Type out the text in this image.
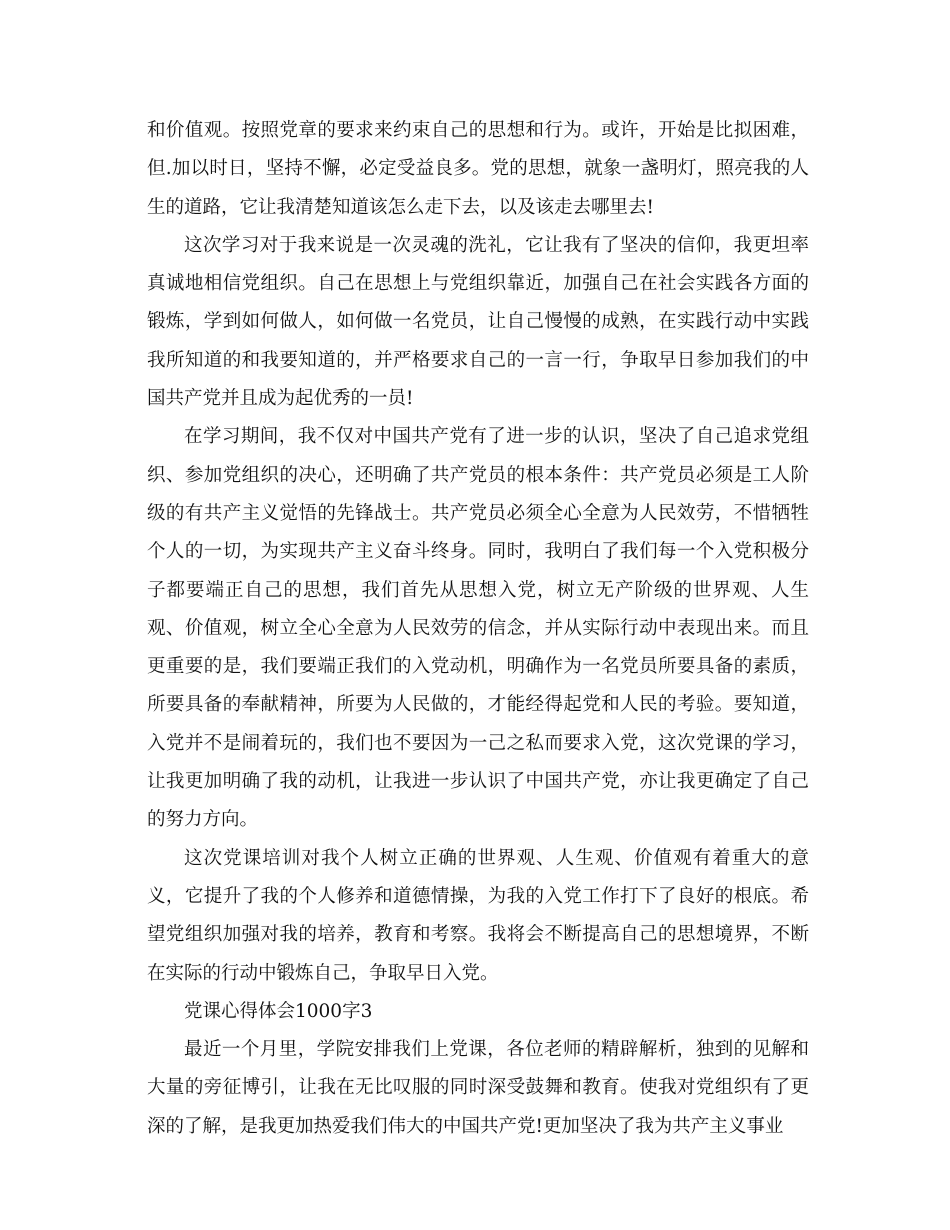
和价值观。按照党章的要求来约束自己的思想和行为。或许，开始是比拟困难，但.加以时日，坚持不懈，必定受益良多。党的思想，就象一盏明灯，照亮我的人生的道路，它让我清楚知道该怎么走下去，以及该走去哪里去!

这次学习对于我来说是一次灵魂的洗礼，它让我有了坚决的信仰，我更坦率真诚地相信党组织。自己在思想上与党组织靠近，加强自己在社会实践各方面的锻炼，学到如何做人，如何做一名党员，让自己慢慢的成熟，在实践行动中实践我所知道的和我要知道的，并严格要求自己的一言一行，争取早日参加我们的中国共产党并且成为起优秀的一员!

在学习期间，我不仅对中国共产党有了进一步的认识，坚决了自己追求党组织、参加党组织的决心，还明确了共产党员的根本条件：共产党员必须是工人阶级的有共产主义觉悟的先锋战士。共产党员必须全心全意为人民效劳，不惜牺牲个人的一切，为实现共产主义奋斗终身。同时，我明白了我们每一个入党积极分子都要端正自己的思想，我们首先从思想入党，树立无产阶级的世界观、人生观、价值观，树立全心全意为人民效劳的信念，并从实际行动中表现出来。而且更重要的是，我们要端正我们的入党动机，明确作为一名党员所要具备的素质，所要具备的奉献精神，所要为人民做的，才能经得起党和人民的考验。要知道，入党并不是闹着玩的，我们也不要因为一己之私而要求入党，这次党课的学习，让我更加明确了我的动机，让我进一步认识了中国共产党，亦让我更确定了自己的努力方向。

这次党课培训对我个人树立正确的世界观、人生观、价值观有着重大的意义，它提升了我的个人修养和道德情操，为我的入党工作打下了良好的根底。希望党组织加强对我的培养，教育和考察。我将会不断提高自己的思想境界，不断在实际的行动中锻炼自己，争取早日入党。

党课心得体会1000字3

最近一个月里，学院安排我们上党课，各位老师的精辟解析，独到的见解和大量的旁征博引，让我在无比叹服的同时深受鼓舞和教育。使我对党组织有了更深的了解，是我更加热爱我们伟大的中国共产党!更加坚决了我为共产主义事业
